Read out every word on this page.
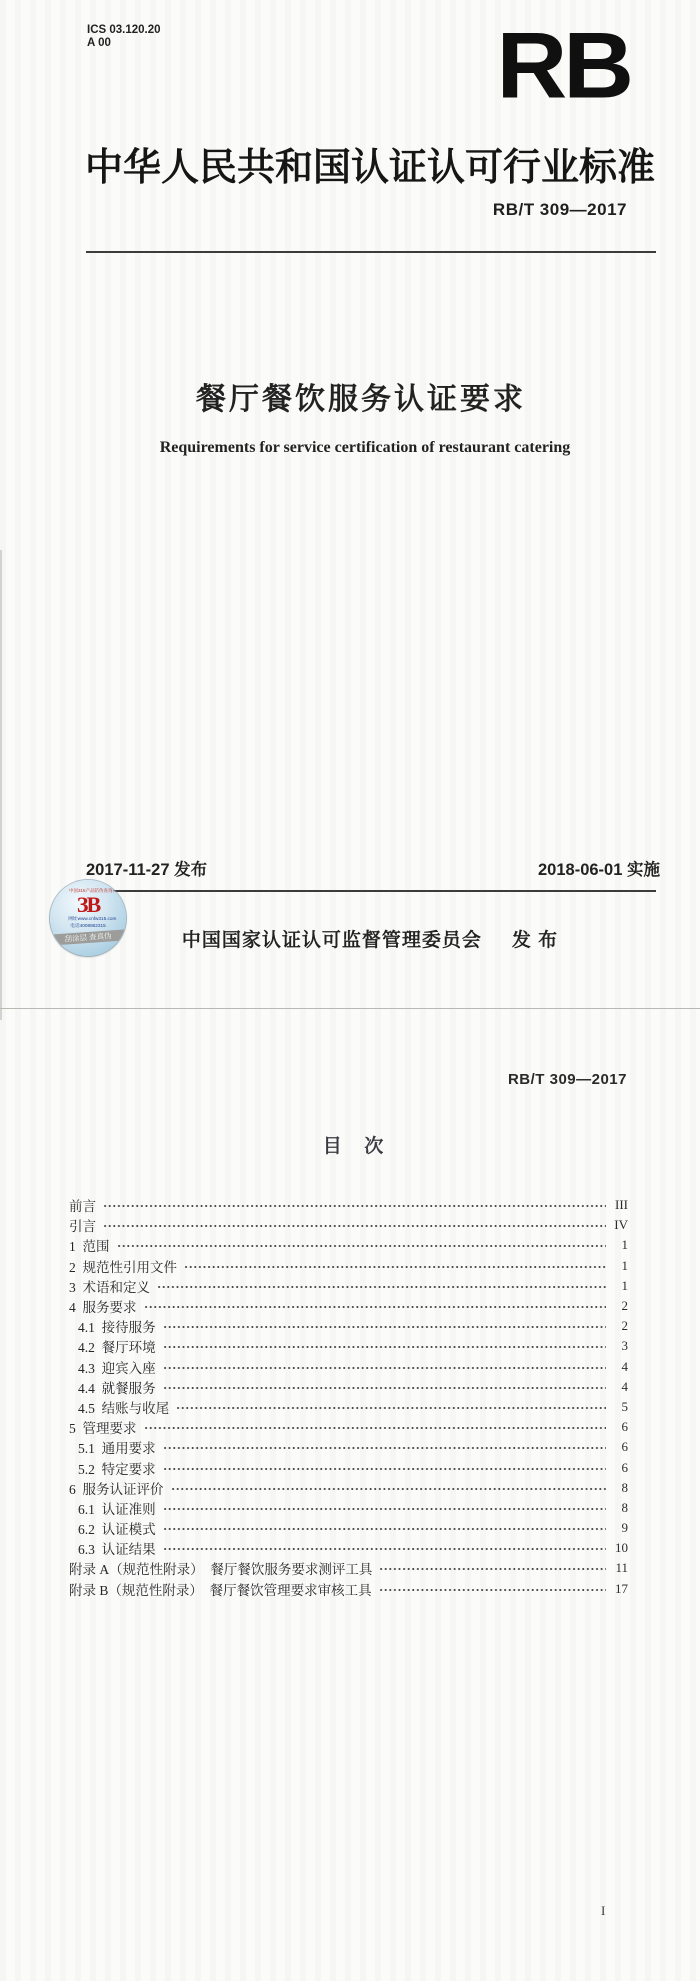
ICS 03.120.20
A 00	RB
中华人民共和国认证认可行业标准
RB/T 309—2017
餐厅餐饮服务认证要求
Requirements for service certification of restaurant catering
2017-11-27 发布	2018-06-01 实施
中国国家认证认可监督管理委员会 发 布
中国315产品防伪查询网
ЗВ
网址www.cnfw315.com
电话4008862315
刮涂层 查真伪
RB/T 309—2017
目  次
前言	III
引言	IV
1  范围	1
2  规范性引用文件	1
3  术语和定义	1
4  服务要求	2
4.1  接待服务	2
4.2  餐厅环境	3
4.3  迎宾入座	4
4.4  就餐服务	4
4.5  结账与收尾	5
5  管理要求	6
5.1  通用要求	6
5.2  特定要求	6
6  服务认证评价	8
6.1  认证准则	8
6.2  认证模式	9
6.3  认证结果	10
附录 A（规范性附录）  餐厅餐饮服务要求测评工具	11
附录 B（规范性附录）  餐厅餐饮管理要求审核工具	17
I
